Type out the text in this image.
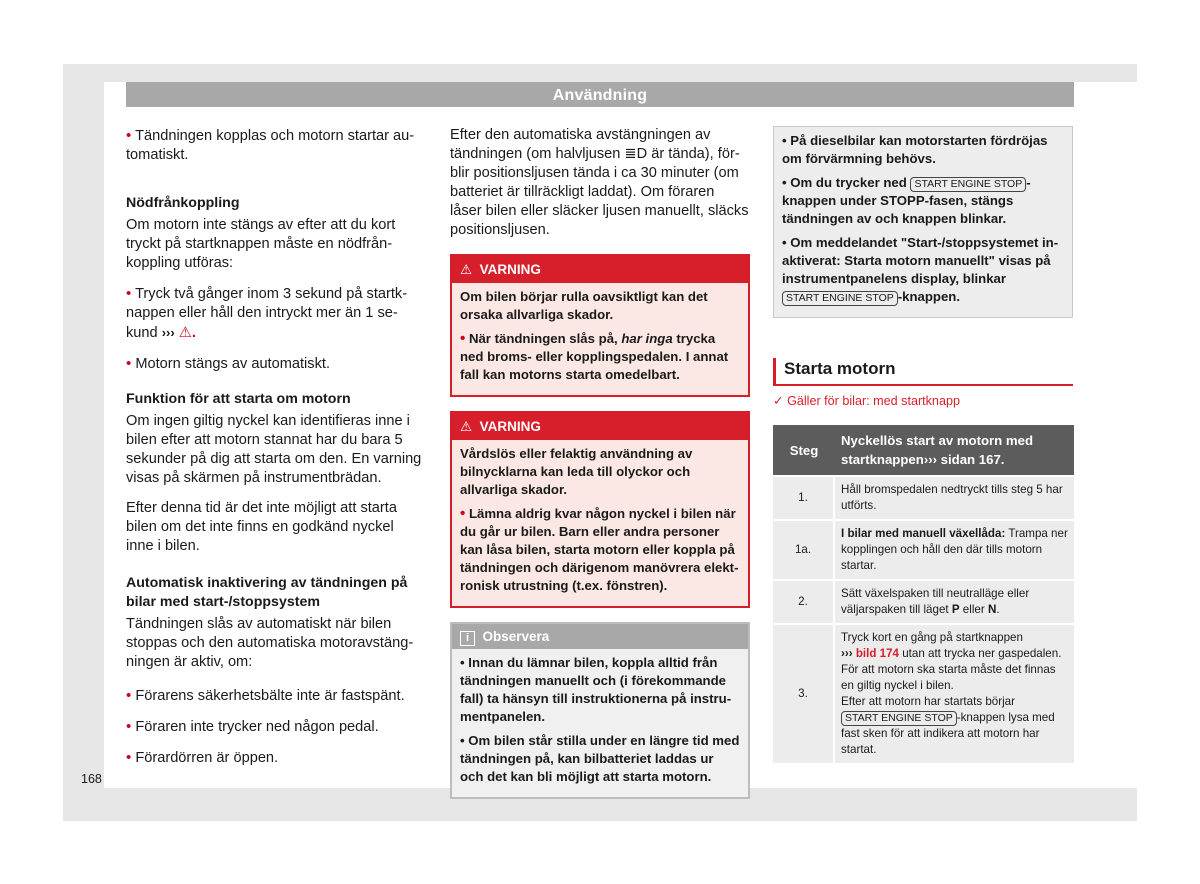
Användning

• Tändningen kopplas och motorn startar automatiskt.

Nödfrånkoppling

Om motorn inte stängs av efter att du kort tryckt på startknappen måste en nödfrånkoppling utföras:

• Tryck två gånger inom 3 sekund på startknappen eller håll den intryckt mer än 1 sekund ››› ⚠.

• Motorn stängs av automatiskt.

Funktion för att starta om motorn

Om ingen giltig nyckel kan identifieras inne i bilen efter att motorn stannat har du bara 5 sekunder på dig att starta om den. En varning visas på skärmen på instrumentbrädan.

Efter denna tid är det inte möjligt att starta bilen om det inte finns en godkänd nyckel inne i bilen.

Automatisk inaktivering av tändningen på bilar med start-/stoppsystem

Tändningen slås av automatiskt när bilen stoppas och den automatiska motoravstängningen är aktiv, om:

• Förarens säkerhetsbälte inte är fastspänt.

• Föraren inte trycker ned någon pedal.

• Förardörren är öppen.

Efter den automatiska avstängningen av tändningen (om halvljusen ≣D är tända), förblir positionsljusen tända i ca 30 minuter (om batteriet är tillräckligt laddat). Om föraren låser bilen eller släcker ljusen manuellt, släcks positionsljusen.

⚠ VARNING

Om bilen börjar rulla oavsiktligt kan det orsaka allvarliga skador.

• När tändningen slås på, har inga trycka ned broms- eller kopplingspedalen. I annat fall kan motorns starta omedelbart.

⚠ VARNING

Vårdslös eller felaktig användning av bilnycklarna kan leda till olyckor och allvarliga skador.

• Lämna aldrig kvar någon nyckel i bilen när du går ur bilen. Barn eller andra personer kan låsa bilen, starta motorn eller koppla på tändningen och därigenom manövrera elektronisk utrustning (t.ex. fönstren).

i Observera

• Innan du lämnar bilen, koppla alltid från tändningen manuellt och (i förekommande fall) ta hänsyn till instruktionerna på instrumentpanelen.

• Om bilen står stilla under en längre tid med tändningen på, kan bilbatteriet laddas ur och det kan bli möjligt att starta motorn.

• På dieselbilar kan motorstarten fördröjas om förvärmning behövs.

• Om du trycker ned START ENGINE STOP -knappen under STOPP-fasen, stängs tändningen av och knappen blinkar.

• Om meddelandet "Start-/stoppsystemet inaktiverat: Starta motorn manuellt" visas på instrumentpanelens display, blinkar START ENGINE STOP -knappen.

Starta motorn
✓ Gäller för bilar: med startknapp
Steg	Nyckellös start av motorn med startknappen››› sidan 167.
1.	Håll bromspedalen nedtryckt tills steg 5 har utförts.
1a.	I bilar med manuell växellåda: Trampa ner kopplingen och håll den där tills motorn startar.
2.	Sätt växelspaken till neutralläge eller väljarspaken till läget P eller N.
3.	Tryck kort en gång på startknappen
››› bild 174 utan att trycka ner gaspedalen.
För att motorn ska starta måste det finnas en giltig nyckel i bilen.
Efter att motorn har startats börjar
START ENGINE STOP -knappen lysa med fast sken för att indikera att motorn har startat.
168
